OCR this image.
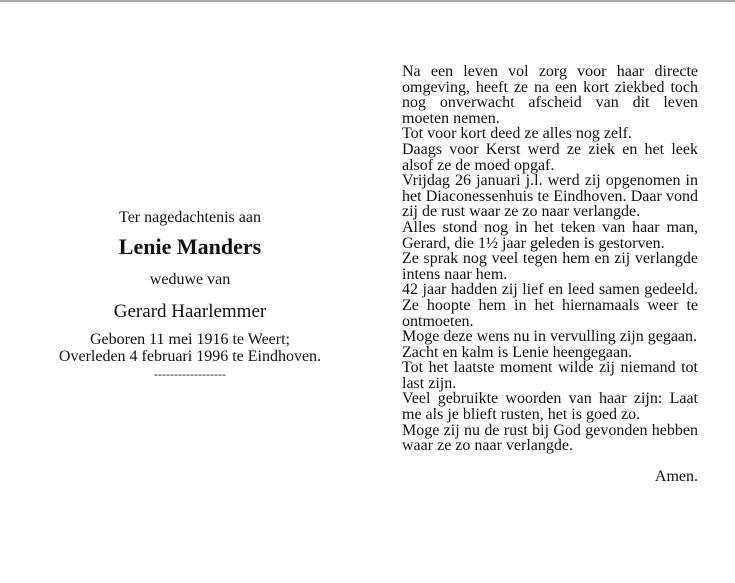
Ter nagedachtenis aan

Lenie Manders

weduwe van

Gerard Haarlemmer

Geboren 11 mei 1916 te Weert;

Overleden 4 februari 1996 te Eindhoven.

------------------

Na een leven vol zorg voor haar directe omgeving, heeft ze na een kort ziekbed toch nog onverwacht afscheid van dit leven moeten nemen.

Tot voor kort deed ze alles nog zelf.

Daags voor Kerst werd ze ziek en het leek alsof ze de moed opgaf.

Vrijdag 26 januari j.l. werd zij opgenomen in het Diaconessenhuis te Eindhoven. Daar vond zij de rust waar ze zo naar verlangde.

Alles stond nog in het teken van haar man, Gerard, die 1½ jaar geleden is gestorven.

Ze sprak nog veel tegen hem en zij verlangde intens naar hem.

42 jaar hadden zij lief en leed samen gedeeld. Ze hoopte hem in het hiernamaals weer te ontmoeten.

Moge deze wens nu in vervulling zijn gegaan.

Zacht en kalm is Lenie heengegaan.

Tot het laatste moment wilde zij niemand tot last zijn.

Veel gebruikte woorden van haar zijn: Laat me als je blieft rusten, het is goed zo.

Moge zij nu de rust bij God gevonden hebben waar ze zo naar verlangde.

Amen.
